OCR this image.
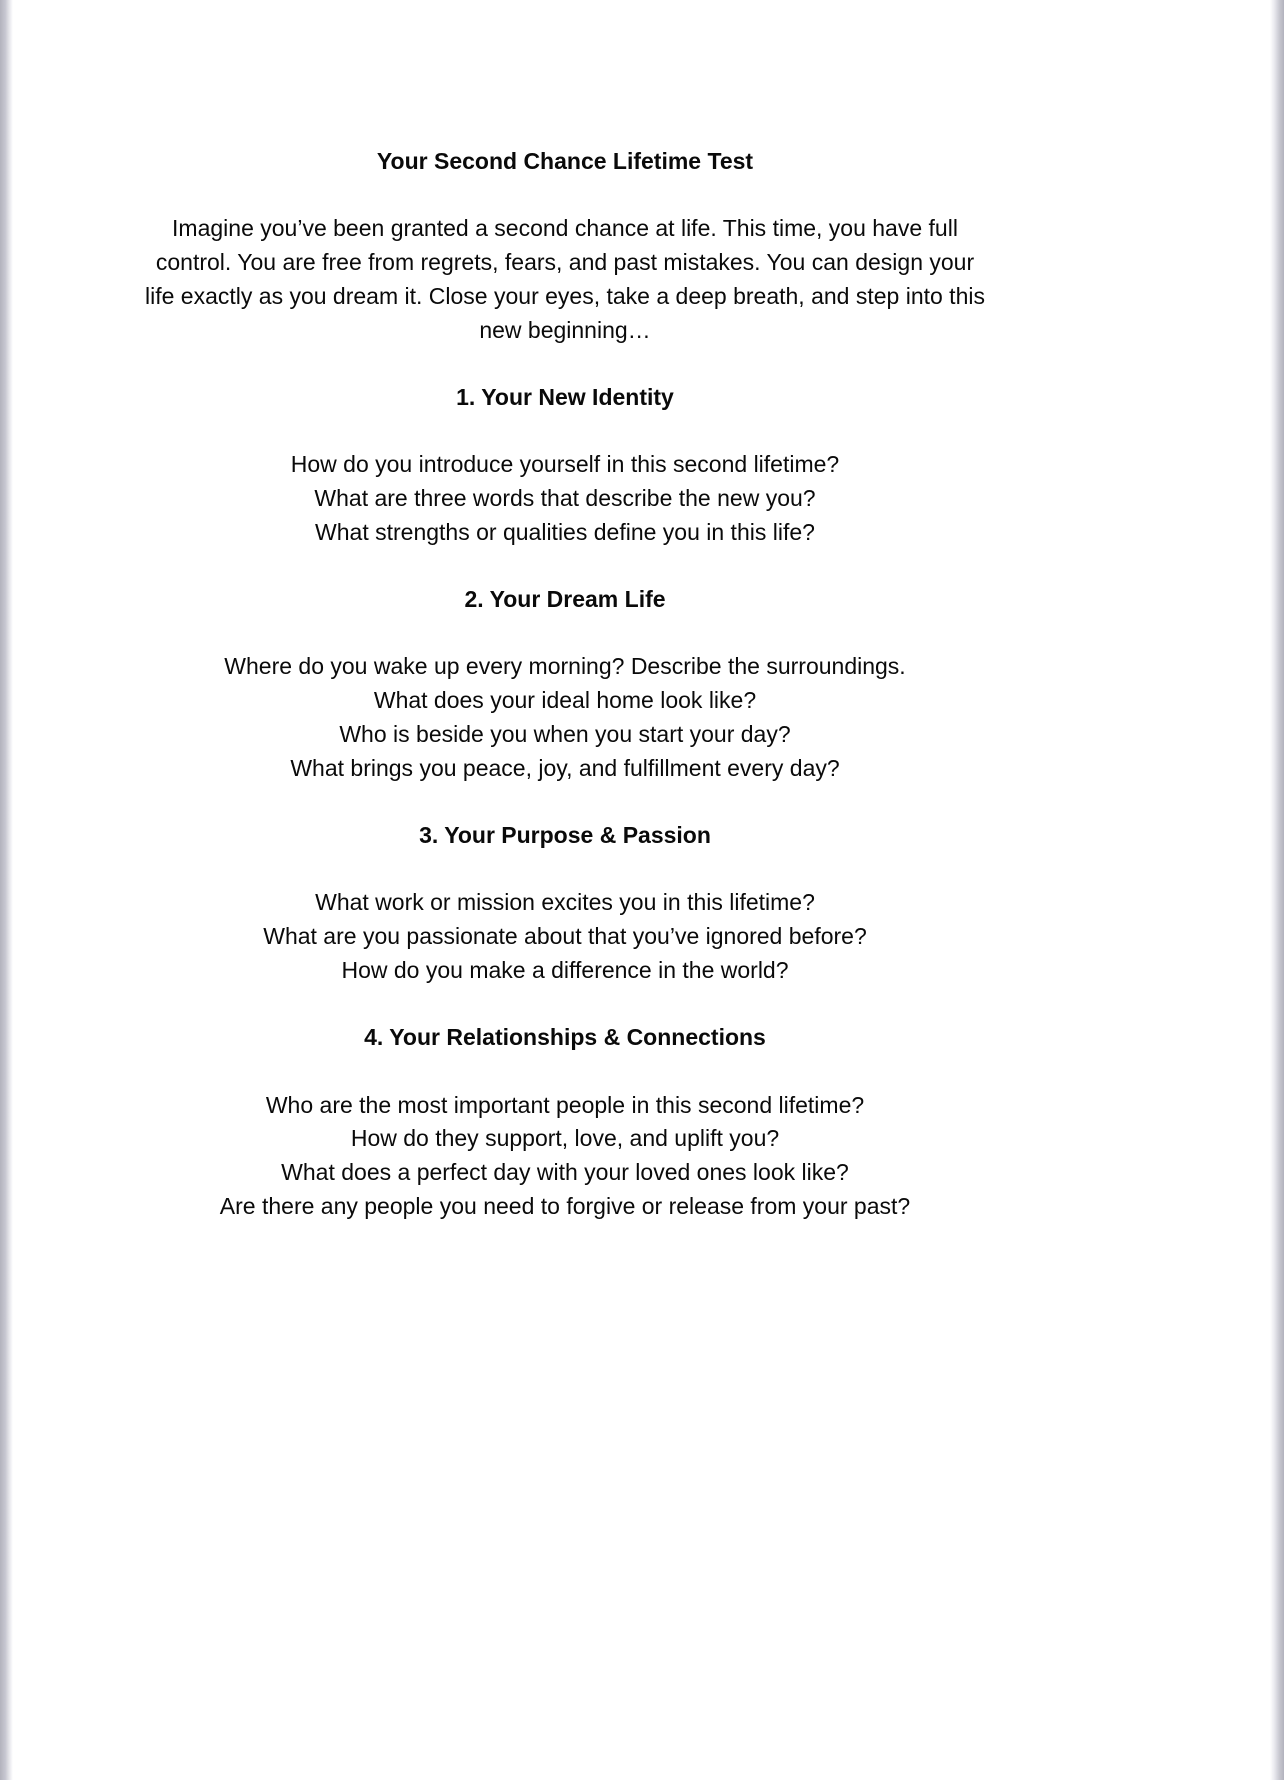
Your Second Chance Lifetime Test
Imagine you’ve been granted a second chance at life. This time, you have full
control. You are free from regrets, fears, and past mistakes. You can design your
life exactly as you dream it. Close your eyes, take a deep breath, and step into this
new beginning…
1. Your New Identity
How do you introduce yourself in this second lifetime?
What are three words that describe the new you?
What strengths or qualities define you in this life?
2. Your Dream Life
Where do you wake up every morning? Describe the surroundings.
What does your ideal home look like?
Who is beside you when you start your day?
What brings you peace, joy, and fulfillment every day?
3. Your Purpose & Passion
What work or mission excites you in this lifetime?
What are you passionate about that you’ve ignored before?
How do you make a difference in the world?
4. Your Relationships & Connections
Who are the most important people in this second lifetime?
How do they support, love, and uplift you?
What does a perfect day with your loved ones look like?
Are there any people you need to forgive or release from your past?
